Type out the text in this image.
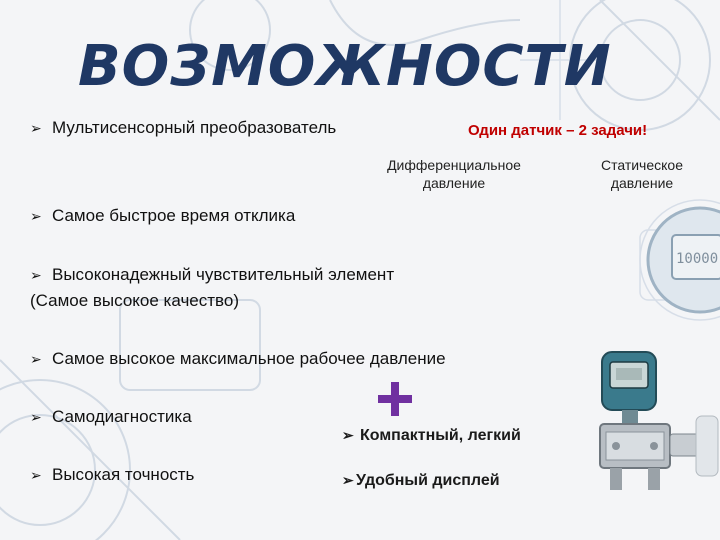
ВОЗМОЖНОСТИ
➢ Мультисенсорный преобразователь	Один датчик – 2 задачи!
Дифференциальное
давление
Статическое
давление
➢ Самое быстрое время отклика
➢ Высоконадежный чувствительный элемент
(Самое высокое качество)
➢ Самое высокое максимальное рабочее давление
➢ Самодиагностика
➢ Высокая точность
➢ Компактный, легкий
➢ Удобный дисплей
10000
